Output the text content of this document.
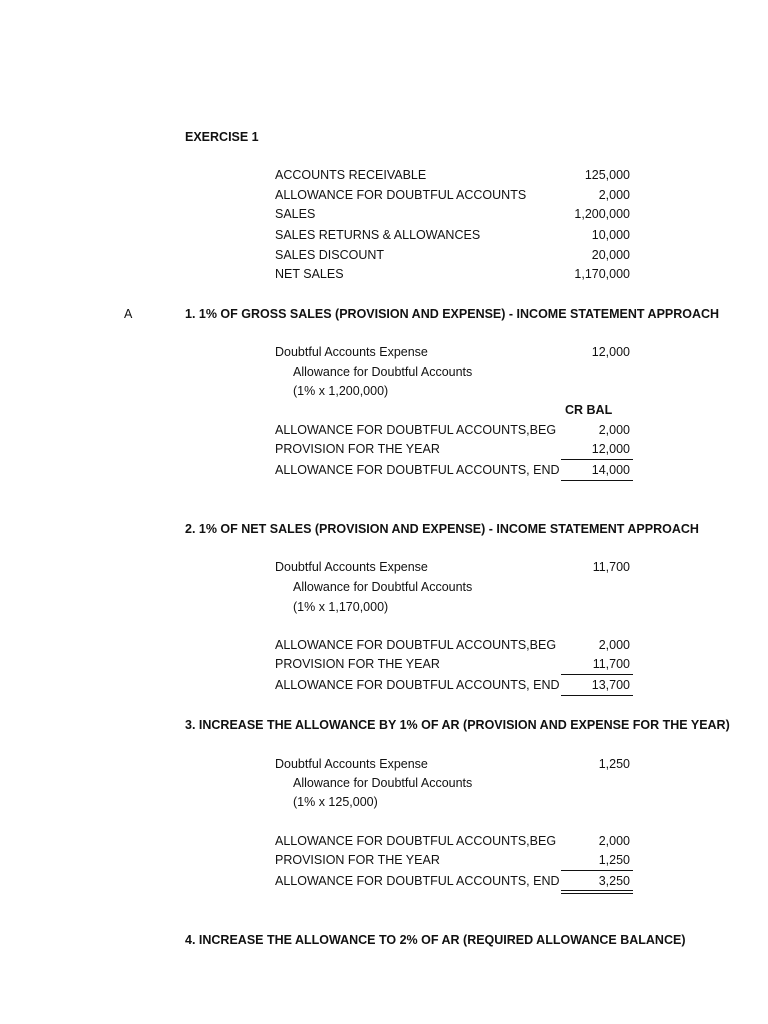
EXERCISE 1
ACCOUNTS RECEIVABLE	125,000
ALLOWANCE FOR DOUBTFUL ACCOUNTS	2,000
SALES	1,200,000
SALES RETURNS & ALLOWANCES	10,000
SALES DISCOUNT	20,000
NET SALES	1,170,000
A	1. 1% OF GROSS SALES (PROVISION AND EXPENSE) - INCOME STATEMENT APPROACH
Doubtful Accounts Expense	12,000
Allowance for Doubtful Accounts
(1% x 1,200,000)
CR BAL
ALLOWANCE FOR DOUBTFUL ACCOUNTS,BEG	2,000
PROVISION FOR THE YEAR	12,000
ALLOWANCE FOR DOUBTFUL ACCOUNTS, END	14,000
2. 1% OF NET SALES (PROVISION AND EXPENSE) - INCOME STATEMENT APPROACH
Doubtful Accounts Expense	11,700
Allowance for Doubtful Accounts
(1% x 1,170,000)
ALLOWANCE FOR DOUBTFUL ACCOUNTS,BEG	2,000
PROVISION FOR THE YEAR	11,700
ALLOWANCE FOR DOUBTFUL ACCOUNTS, END	13,700
3. INCREASE THE ALLOWANCE BY 1% OF AR (PROVISION AND EXPENSE FOR THE YEAR)
Doubtful Accounts Expense	1,250
Allowance for Doubtful Accounts
(1% x 125,000)
ALLOWANCE FOR DOUBTFUL ACCOUNTS,BEG	2,000
PROVISION FOR THE YEAR	1,250
ALLOWANCE FOR DOUBTFUL ACCOUNTS, END	3,250
4. INCREASE THE ALLOWANCE TO 2% OF AR (REQUIRED ALLOWANCE BALANCE)
